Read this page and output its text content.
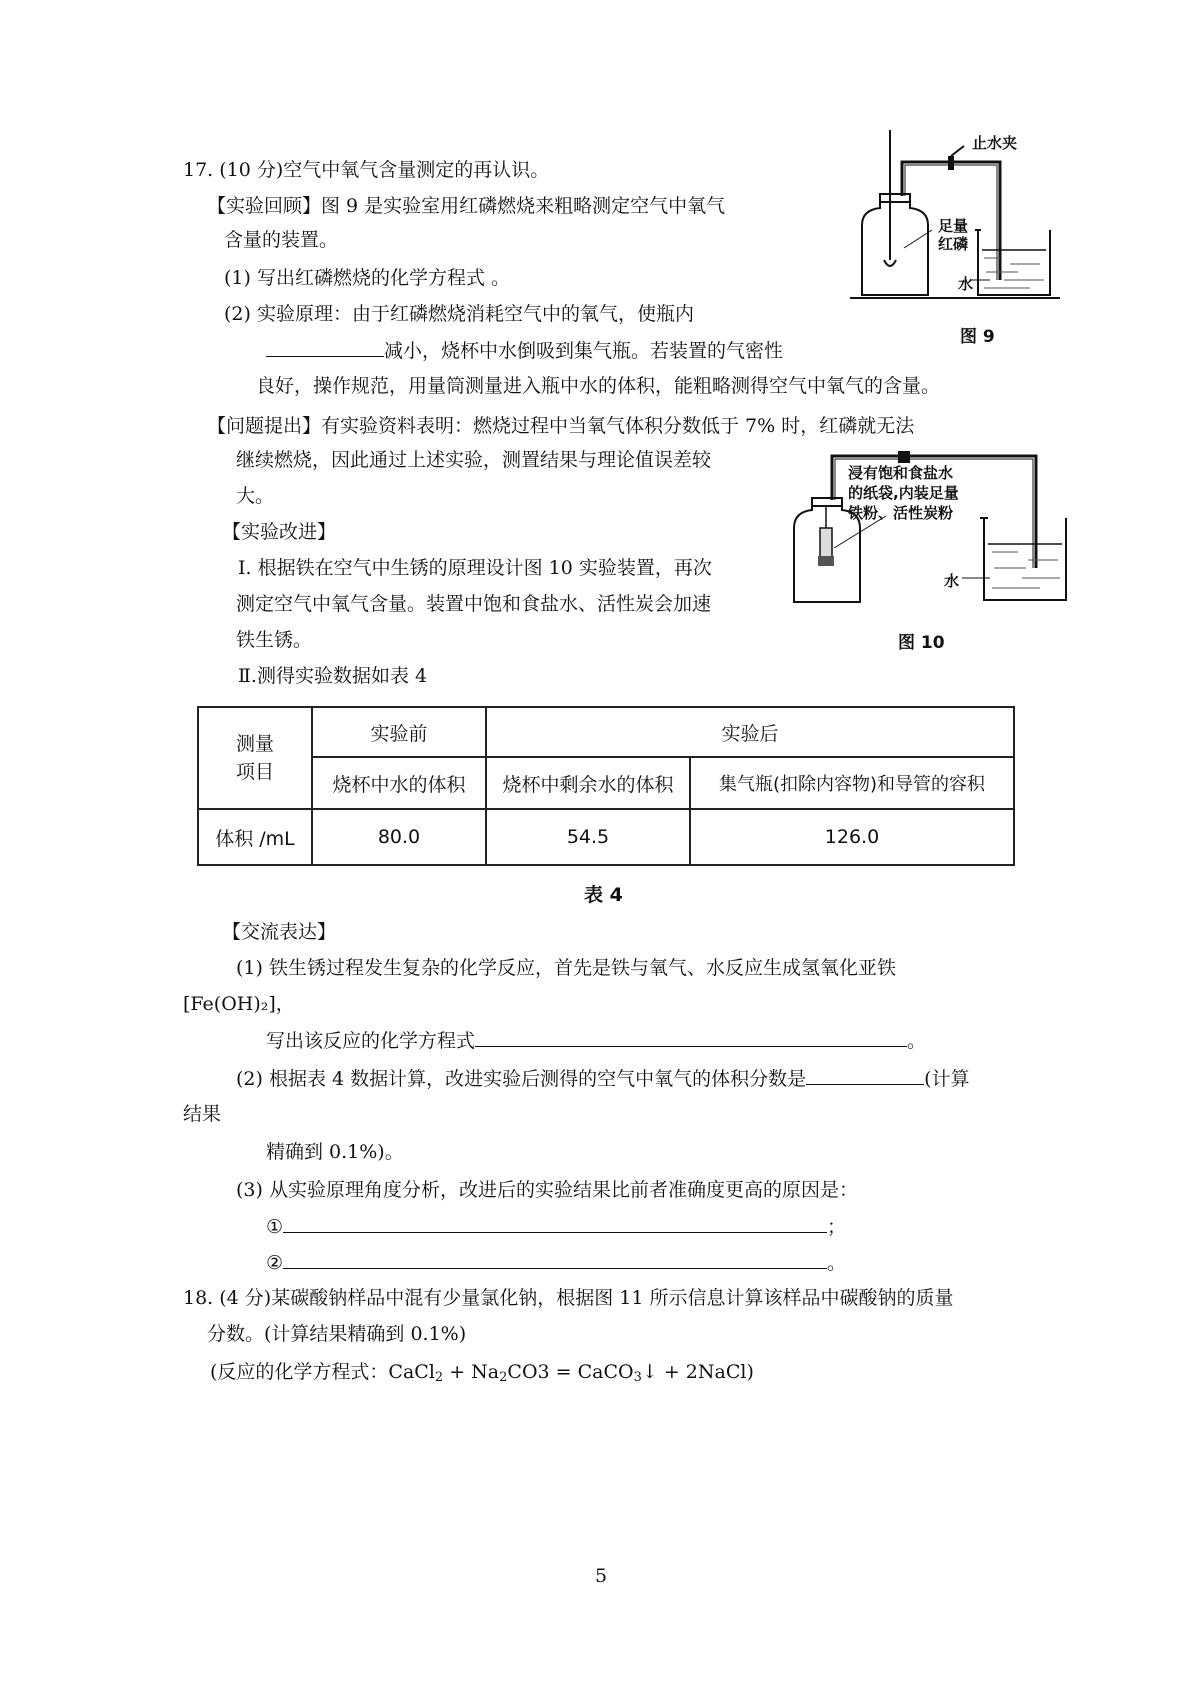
17. (10 分)空气中氧气含量测定的再认识。
【实验回顾】图 9 是实验室用红磷燃烧来粗略测定空气中氧气
含量的装置。
(1) 写出红磷燃烧的化学方程式 。
(2) 实验原理：由于红磷燃烧消耗空气中的氧气，使瓶内
减小，烧杯中水倒吸到集气瓶。若装置的气密性
良好，操作规范，用量筒测量进入瓶中水的体积，能粗略测得空气中氧气的含量。
【问题提出】有实验资料表明：燃烧过程中当氧气体积分数低于 7% 时，红磷就无法
继续燃烧，因此通过上述实验，测置结果与理论值误差较
大。
【实验改进】
Ⅰ. 根据铁在空气中生锈的原理设计图 10 实验装置，再次
测定空气中氧气含量。装置中饱和食盐水、活性炭会加速
铁生锈。
Ⅱ.测得实验数据如表 4
止水夹
足量
红磷
水
图 9
浸有饱和食盐水
的纸袋,内装足量
铁粉、活性炭粉
水
图 10
测量
项目	实验前	实验后	
	烧杯中水的体积	烧杯中剩余水的体积	集气瓶(扣除内容物)和导管的容积
体积 /mL	80.0	54.5	126.0
表 4
【交流表达】
(1) 铁生锈过程发生复杂的化学反应，首先是铁与氧气、水反应生成氢氧化亚铁
[Fe(OH)₂]，
写出该反应的化学方程式	。
(2) 根据表 4 数据计算，改进实验后测得的空气中氧气的体积分数是	(计算
结果
精确到 0.1%)。
(3) 从实验原理角度分析，改进后的实验结果比前者准确度更高的原因是：
①	；
②	。
18. (4 分)某碳酸钠样品中混有少量氯化钠，根据图 11 所示信息计算该样品中碳酸钠的质量
分数。(计算结果精确到 0.1%)
(反应的化学方程式：CaCl$_2$ + $Na_2CO3$ = CaCO$_3$↓ + 2NaCl)
5
